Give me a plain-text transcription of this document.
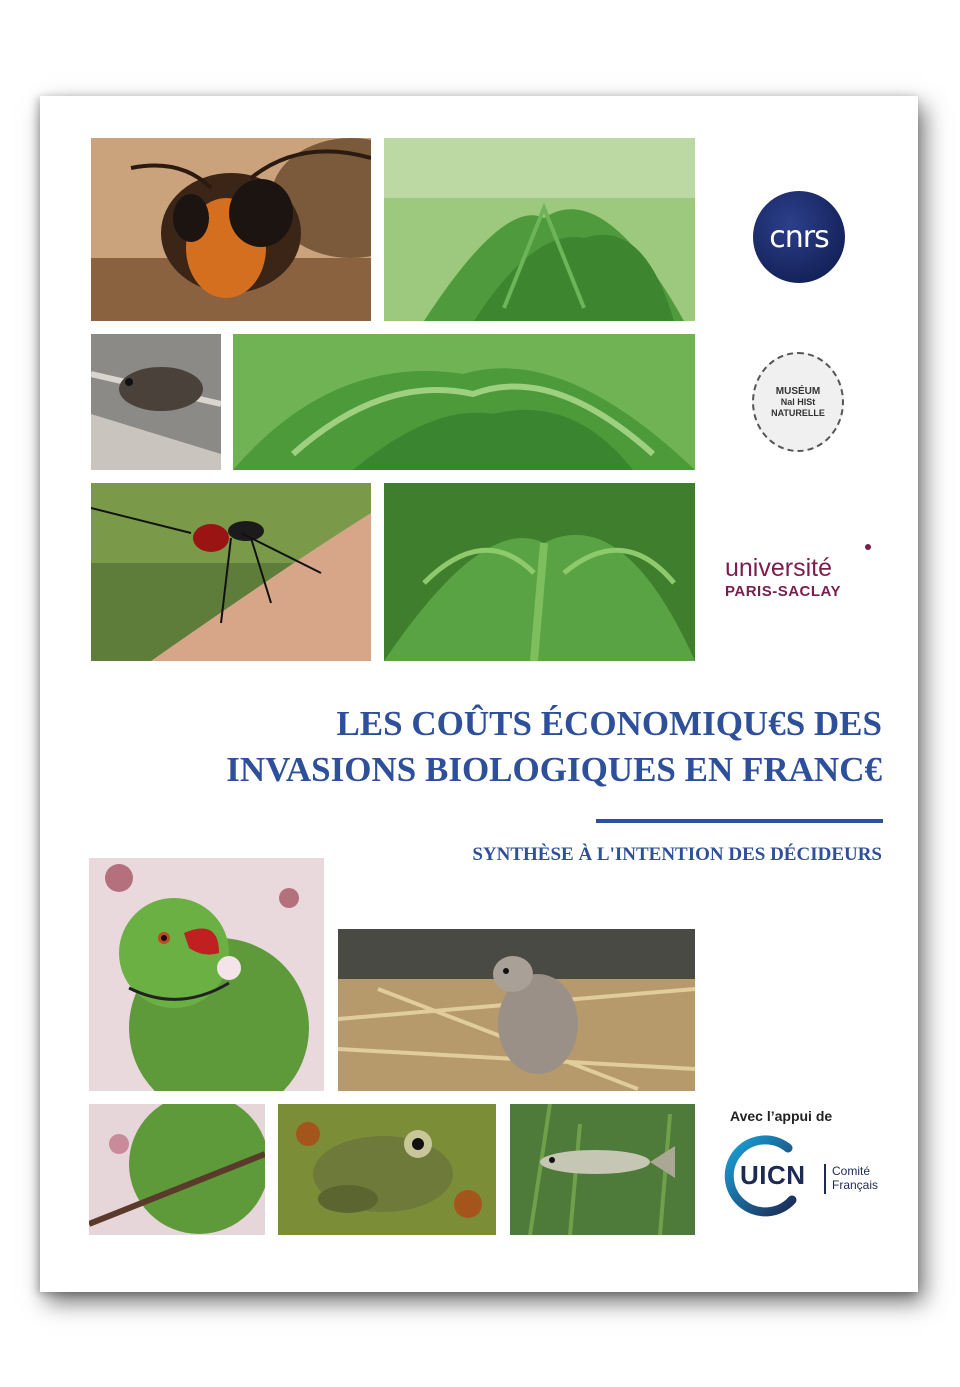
cnrs
MUSÉUM
Nal HISt
NATURELLE
université
PARIS-SACLAY
LES COÛTS ÉCONOMIQU€S DES
INVASIONS BIOLOGIQUES EN FRANC€
SYNTHÈSE À L'INTENTION DES DÉCIDEURS
Avec l’appui de
UICN Comité
Français
